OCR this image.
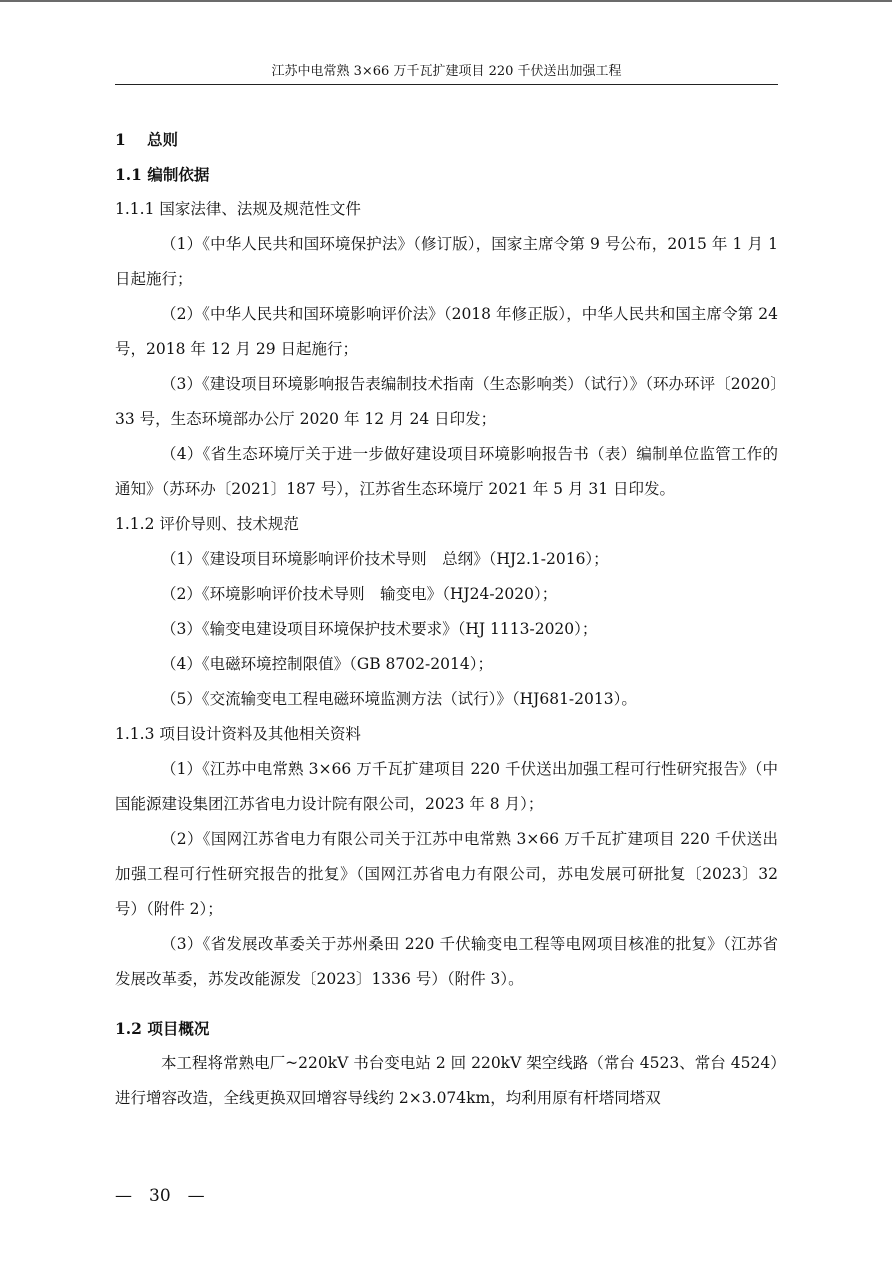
江苏中电常熟 3×66 万千瓦扩建项目 220 千伏送出加强工程
1 总则
1.1 编制依据
1.1.1 国家法律、法规及规范性文件
（1）《中华人民共和国环境保护法》（修订版），国家主席令第 9 号公布，2015 年 1 月 1 日起施行；
（2）《中华人民共和国环境影响评价法》（2018 年修正版），中华人民共和国主席令第 24 号，2018 年 12 月 29 日起施行；
（3）《建设项目环境影响报告表编制技术指南（生态影响类）（试行）》（环办环评〔2020〕33 号，生态环境部办公厅 2020 年 12 月 24 日印发；
（4）《省生态环境厅关于进一步做好建设项目环境影响报告书（表）编制单位监管工作的通知》（苏环办〔2021〕187 号），江苏省生态环境厅 2021 年 5 月 31 日印发。
1.1.2 评价导则、技术规范
（1）《建设项目环境影响评价技术导则　总纲》（HJ2.1-2016）；
（2）《环境影响评价技术导则　输变电》（HJ24-2020）；
（3）《输变电建设项目环境保护技术要求》（HJ 1113-2020）；
（4）《电磁环境控制限值》（GB 8702-2014）；
（5）《交流输变电工程电磁环境监测方法（试行）》（HJ681-2013）。
1.1.3 项目设计资料及其他相关资料
（1）《江苏中电常熟 3×66 万千瓦扩建项目 220 千伏送出加强工程可行性研究报告》（中国能源建设集团江苏省电力设计院有限公司，2023 年 8 月）；
（2）《国网江苏省电力有限公司关于江苏中电常熟 3×66 万千瓦扩建项目 220 千伏送出加强工程可行性研究报告的批复》（国网江苏省电力有限公司，苏电发展可研批复〔2023〕32 号）（附件 2）；
（3）《省发展改革委关于苏州桑田 220 千伏输变电工程等电网项目核准的批复》（江苏省发展改革委，苏发改能源发〔2023〕1336 号）（附件 3）。
1.2 项目概况
本工程将常熟电厂~220kV 书台变电站 2 回 220kV 架空线路（常台 4523、常台 4524）进行增容改造，全线更换双回增容导线约 2×3.074km，均利用原有杆塔同塔双
—　30　—
